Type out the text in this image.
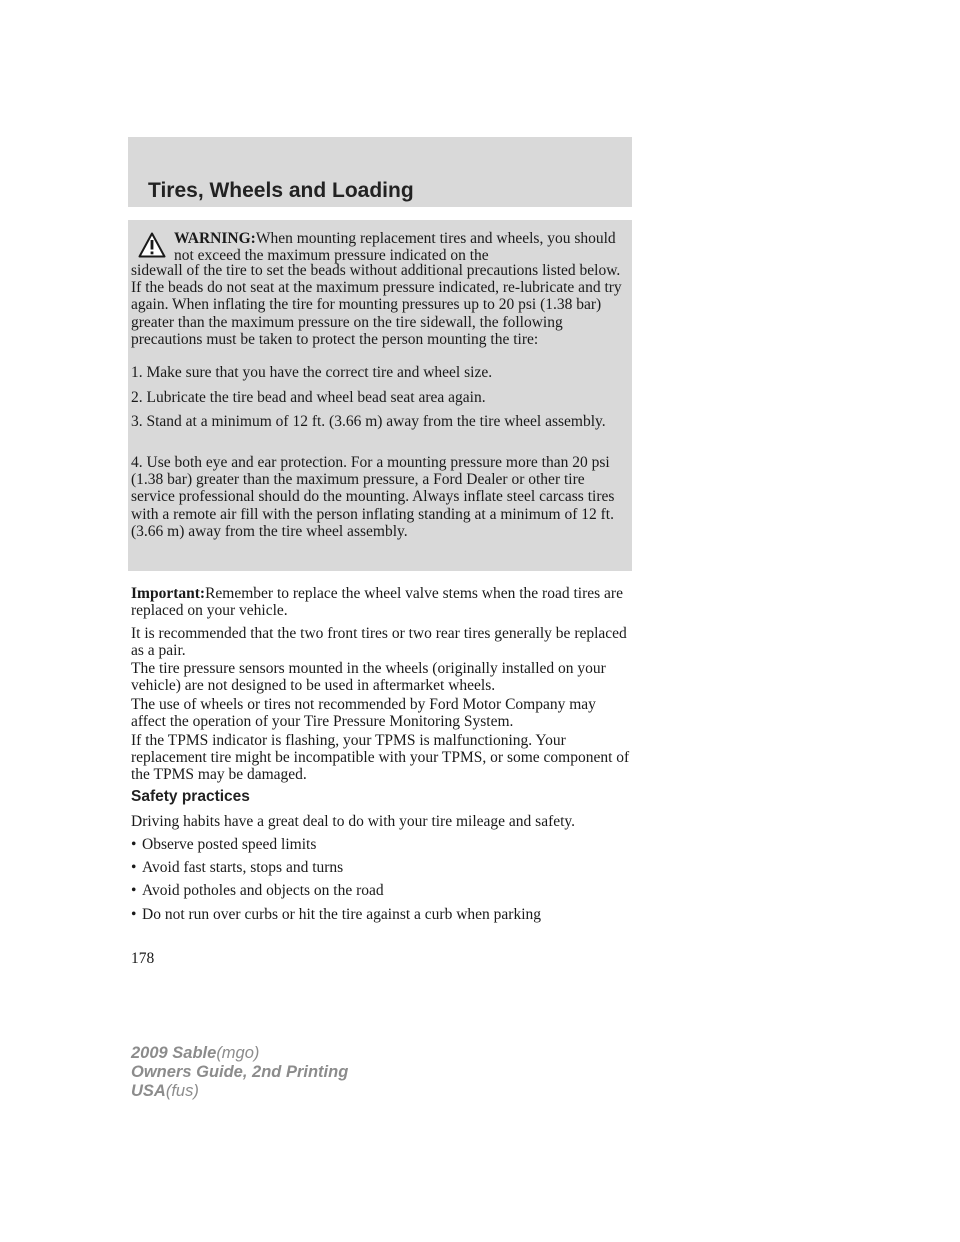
Tires, Wheels and Loading

WARNING:When mounting replacement tires and wheels, you should not exceed the maximum pressure indicated on the

sidewall of the tire to set the beads without additional precautions listed below. If the beads do not seat at the maximum pressure indicated, re-lubricate and try again. When inflating the tire for mounting pressures up to 20 psi (1.38 bar) greater than the maximum pressure on the tire sidewall, the following precautions must be taken to protect the person mounting the tire:

1. Make sure that you have the correct tire and wheel size.

2. Lubricate the tire bead and wheel bead seat area again.

3. Stand at a minimum of 12 ft. (3.66 m) away from the tire wheel assembly.

4. Use both eye and ear protection. For a mounting pressure more than 20 psi (1.38 bar) greater than the maximum pressure, a Ford Dealer or other tire service professional should do the mounting. Always inflate steel carcass tires with a remote air fill with the person inflating standing at a minimum of 12 ft. (3.66 m) away from the tire wheel assembly.

Important:Remember to replace the wheel valve stems when the road tires are replaced on your vehicle.

It is recommended that the two front tires or two rear tires generally be replaced as a pair.

The tire pressure sensors mounted in the wheels (originally installed on your vehicle) are not designed to be used in aftermarket wheels.

The use of wheels or tires not recommended by Ford Motor Company may affect the operation of your Tire Pressure Monitoring System.

If the TPMS indicator is flashing, your TPMS is malfunctioning. Your replacement tire might be incompatible with your TPMS, or some component of the TPMS may be damaged.

Safety practices

Driving habits have a great deal to do with your tire mileage and safety.

• Observe posted speed limits
• Avoid fast starts, stops and turns
• Avoid potholes and objects on the road
• Do not run over curbs or hit the tire against a curb when parking
178
2009 Sable(mgo)
Owners Guide, 2nd Printing
USA(fus)
